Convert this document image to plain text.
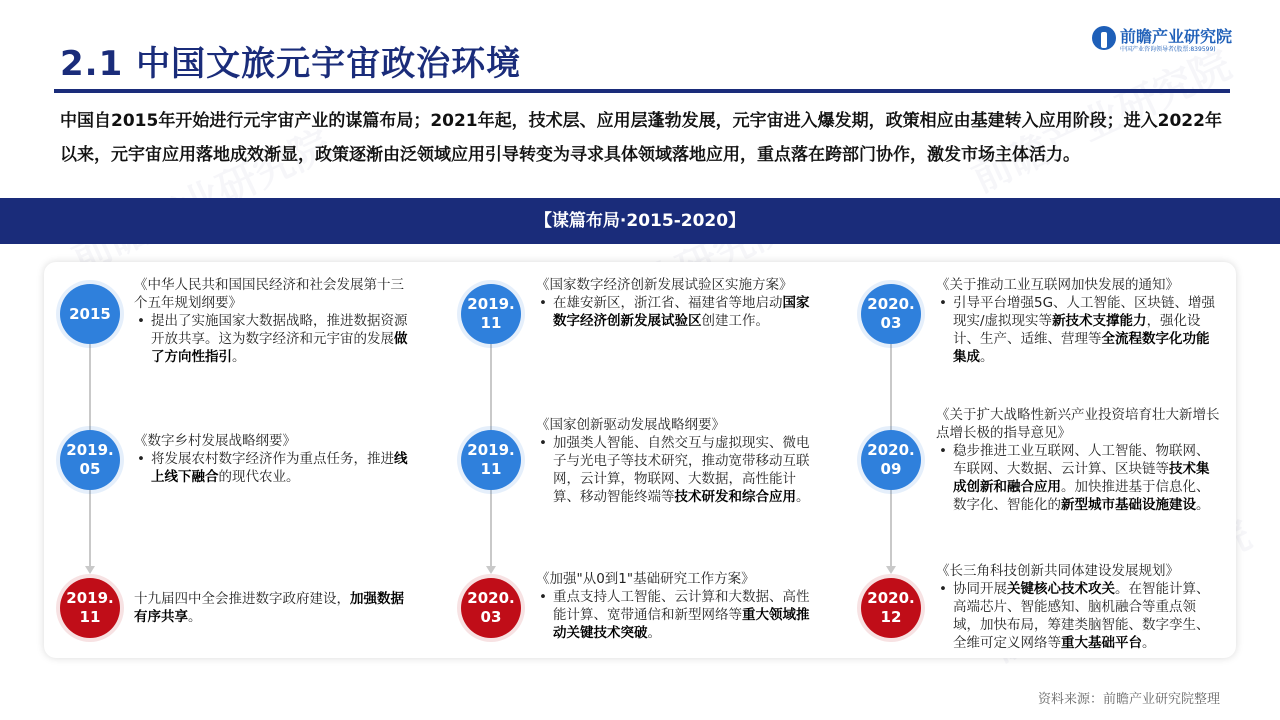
2.1 中国文旅元宇宙政治环境
前瞻产业研究院
中国产业咨询领导者(股票:839599)
中国自2015年开始进行元宇宙产业的谋篇布局；2021年起，技术层、应用层蓬勃发展，元宇宙进入爆发期，政策相应由基建转入应用阶段；进入2022年以来，元宇宙应用落地成效渐显，政策逐渐由泛领域应用引导转变为寻求具体领域落地应用，重点落在跨部门协作，激发市场主体活力。
【谋篇布局·2015-2020】
2015
《中华人民共和国国民经济和社会发展第十三个五年规划纲要》
• 提出了实施国家大数据战略，推进数据资源开放共享。这为数字经济和元宇宙的发展做了方向性指引。
2019.
05
《数字乡村发展战略纲要》
• 将发展农村数字经济作为重点任务，推进线上线下融合的现代农业。
2019.
11
十九届四中全会推进数字政府建设，加强数据有序共享。
2019.
11
《国家数字经济创新发展试验区实施方案》
• 在雄安新区，浙江省、福建省等地启动国家数字经济创新发展试验区创建工作。
2019.
11
《国家创新驱动发展战略纲要》
• 加强类人智能、自然交互与虚拟现实、微电子与光电子等技术研究，推动宽带移动互联网，云计算，物联网、大数据，高性能计算、移动智能终端等技术研发和综合应用。
2020.
03
《加强"从0到1"基础研究工作方案》
• 重点支持人工智能、云计算和大数据、高性能计算、宽带通信和新型网络等重大领域推动关键技术突破。
2020.
03
《关于推动工业互联网加快发展的通知》
• 引导平台增强5G、人工智能、区块链、增强现实/虚拟现实等新技术支撑能力，强化设计、生产、适维、营理等全流程数字化功能集成。
2020.
09
《关于扩大战略性新兴产业投资培育壮大新增长点增长极的指导意见》
• 稳步推进工业互联网、人工智能、物联网、车联网、大数据、云计算、区块链等技术集成创新和融合应用。加快推进基于信息化、数字化、智能化的新型城市基础设施建设。
2020.
12
《长三角科技创新共同体建设发展规划》
• 协同开展关键核心技术攻关。在智能计算、高端芯片、智能感知、脑机融合等重点领域，加快布局，筹建类脑智能、数字孪生、全维可定义网络等重大基础平台。
资料来源：前瞻产业研究院整理
